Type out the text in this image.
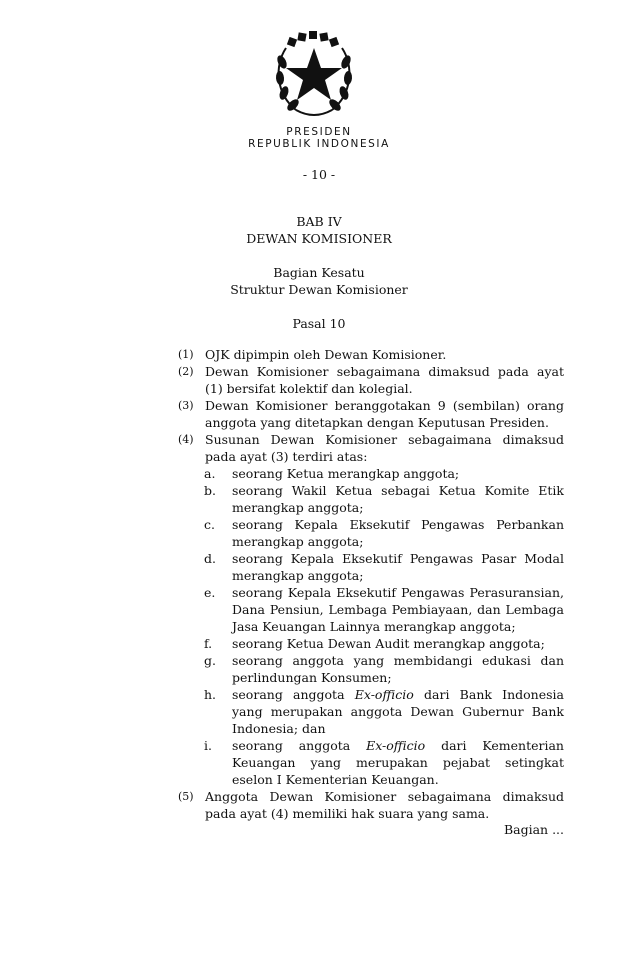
PRESIDEN
REPUBLIK INDONESIA
- 10 -
BAB IV
DEWAN KOMISIONER
Bagian Kesatu
Struktur Dewan Komisioner
Pasal 10
(1) OJK dipimpin oleh Dewan Komisioner.
(2) Dewan Komisioner sebagaimana dimaksud pada ayat (1) bersifat kolektif dan kolegial.
(3) Dewan Komisioner beranggotakan 9 (sembilan) orang anggota yang ditetapkan dengan Keputusan Presiden.
(4) Susunan Dewan Komisioner sebagaimana dimaksud pada ayat (3) terdiri atas:
a. seorang Ketua merangkap anggota;
b. seorang Wakil Ketua sebagai Ketua Komite Etik merangkap anggota;
c. seorang Kepala Eksekutif Pengawas Perbankan merangkap anggota;
d. seorang Kepala Eksekutif Pengawas Pasar Modal merangkap anggota;
e. seorang Kepala Eksekutif Pengawas Perasuransian, Dana Pensiun, Lembaga Pembiayaan, dan Lembaga Jasa Keuangan Lainnya merangkap anggota;
f. seorang Ketua Dewan Audit merangkap anggota;
g. seorang anggota yang membidangi edukasi dan perlindungan Konsumen;
h. seorang anggota Ex-officio dari Bank Indonesia yang merupakan anggota Dewan Gubernur Bank Indonesia; dan
i. seorang anggota Ex-officio dari Kementerian Keuangan yang merupakan pejabat setingkat eselon I Kementerian Keuangan.
(5) Anggota Dewan Komisioner sebagaimana dimaksud pada ayat (4) memiliki hak suara yang sama.
Bagian ...
